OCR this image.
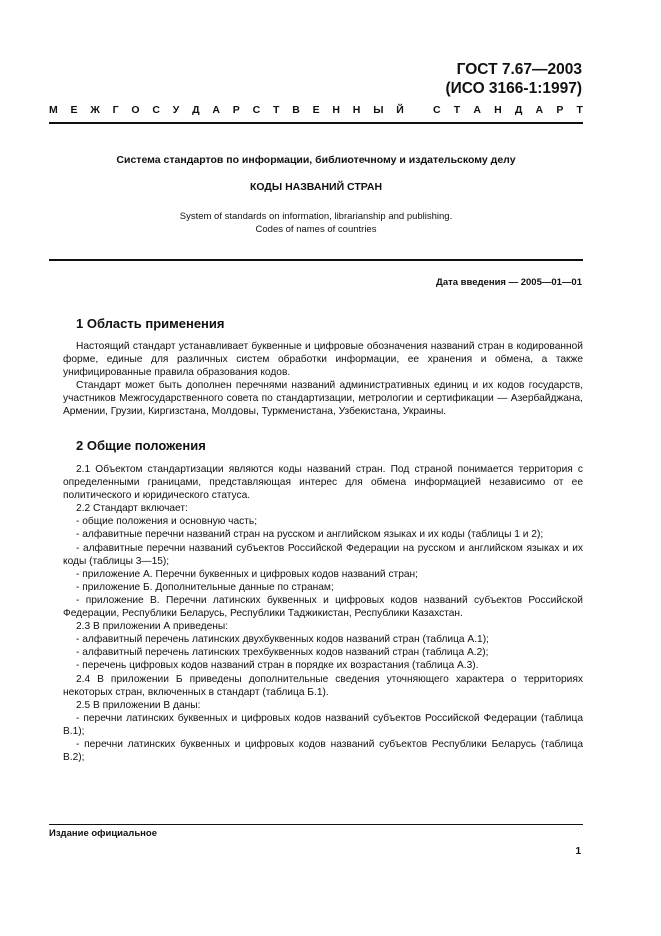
ГОСТ 7.67—2003
(ИСО 3166-1:1997)
М Е Ж Г О С У Д А Р С Т В Е Н Н Ы Й	С Т А Н Д А Р Т
Система стандартов по информации, библиотечному и издательскому делу
КОДЫ НАЗВАНИЙ СТРАН
System of standards on information, librarianship and publishing.
Codes of names of countries
Дата введения — 2005—01—01
1 Область применения

Настоящий стандарт устанавливает буквенные и цифровые обозначения названий стран в кодированной форме, единые для различных систем обработки информации, ее хранения и обмена, а также унифицированные правила образования кодов.

Стандарт может быть дополнен перечнями названий административных единиц и их кодов государств, участников Межгосударственного совета по стандартизации, метрологии и сертификации — Азербайджана, Армении, Грузии, Киргизстана, Молдовы, Туркменистана, Узбекистана, Украины.

2 Общие положения

2.1 Объектом стандартизации являются коды названий стран. Под страной понимается территория с определенными границами, представляющая интерес для обмена информацией независимо от ее политического и юридического статуса.

2.2 Стандарт включает:

- общие положения и основную часть;

- алфавитные перечни названий стран на русском и английском языках и их коды (таблицы 1 и 2);

- алфавитные перечни названий субъектов Российской Федерации на русском и английском языках и их коды (таблицы 3—15);

- приложение А. Перечни буквенных и цифровых кодов названий стран;

- приложение Б. Дополнительные данные по странам;

- приложение В. Перечни латинских буквенных и цифровых кодов названий субъектов Российской Федерации, Республики Беларусь, Республики Таджикистан, Республики Казахстан.

2.3 В приложении А приведены:

- алфавитный перечень латинских двухбуквенных кодов названий стран (таблица А.1);

- алфавитный перечень латинских трехбуквенных кодов названий стран (таблица А.2);

- перечень цифровых кодов названий стран в порядке их возрастания (таблица А.3).

2.4 В приложении Б приведены дополнительные сведения уточняющего характера о территориях некоторых стран, включенных в стандарт (таблица Б.1).

2.5 В приложении В даны:

- перечни латинских буквенных и цифровых кодов названий субъектов Российской Федерации (таблица В.1);

- перечни латинских буквенных и цифровых кодов названий субъектов Республики Беларусь (таблица В.2);

Издание официальное
1
